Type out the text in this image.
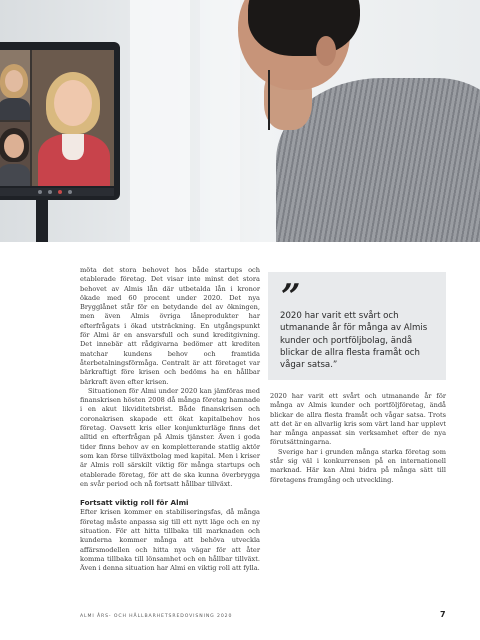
möta det stora behovet hos både startups och etablerade företag. Det visar inte minst det stora behovet av Almis lån där utbetalda lån i kronor ökade med 60 procent under 2020. Det nya Brygglånet står för en betydande del av ökningen, men även Almis övriga låneprodukter har efterfrågats i ökad utsträckning. En utgångspunkt för Almi är en ansvarsfull och sund kreditgivning. Det innebär att rådgivarna bedömer att krediten matchar kundens behov och framtida återbetalningsförmåga. Centralt är att företaget var bärkraftigt före krisen och bedöms ha en hållbar bärkraft även efter krisen.

Situationen för Almi under 2020 kan jämföras med finanskrisen hösten 2008 då många företag hamnade i en akut likviditetsbrist. Både finanskrisen och coronakrisen skapade ett ökat kapitalbehov hos företag. Oavsett kris eller konjunkturläge finns det alltid en efterfrågan på Almis tjänster. Även i goda tider finns behov av en kompletterande statlig aktör som kan förse tillväxtbolag med kapital. Men i kriser är Almis roll särskilt viktig för många startups och etablerade företag, för att de ska kunna överbrygga en svår period och nå fortsatt hållbar tillväxt.

Fortsatt viktig roll för Almi

Efter krisen kommer en stabiliseringsfas, då många företag måste anpassa sig till ett nytt läge och en ny situation. För att hitta tillbaka till marknaden och kunderna kommer många att behöva utveckla affärsmodellen och hitta nya vägar för att åter komma tillbaka till lönsamhet och en hållbar tillväxt. Även i denna situation har Almi en viktig roll att fylla.

”

2020 har varit ett svårt och utmanande år för många av Almis kunder och portföljbolag, ändå blickar de allra flesta framåt och vågar satsa.”

2020 har varit ett svårt och utmanande år för många av Almis kunder och portföljföretag, ändå blickar de allra flesta framåt och vågar satsa. Trots att det är en allvarlig kris som värt land har upplevt har många anpassat sin verksamhet efter de nya förutsättningarna.

Sverige har i grunden många starka företag som står sig väl i konkurrensen på en internationell marknad. Här kan Almi bidra på många sätt till företagens framgång och utveckling.

ALMI ÅRS- OCH HÅLLBARHETSREDOVISNING 2020	7
